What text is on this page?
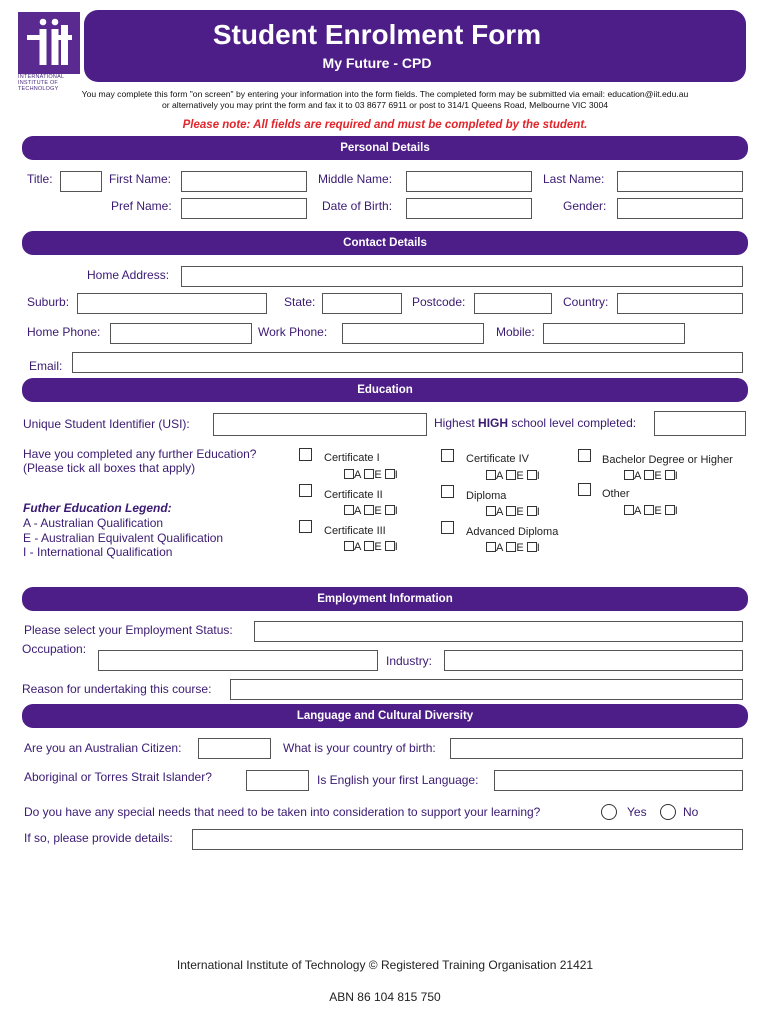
INTERNATIONAL INSTITUTE OF TECHNOLOGY
Student Enrolment Form
My Future - CPD
You may complete this form "on screen" by entering your information into the form fields. The completed form may be submitted via email: education@iit.edu.au
or alternatively you may print the form and fax it to 03 8677 6911 or post to 314/1 Queens Road, Melbourne VIC 3004
Please note: All fields are required and must be completed by the student.
Personal Details
Title:	First Name:	Middle Name:	Last Name:
Pref Name:	Date of Birth:	Gender:
Contact Details
Home Address:
Suburb:	State:	Postcode:	Country:
Home Phone:	Work Phone:	Mobile:
Email:
Education
Unique Student Identifier (USI):	Highest HIGH school level completed:
Have you completed any further Education?
(Please tick all boxes that apply)
Futher Education Legend:
A - Australian Qualification
E - Australian Equivalent Qualification
I - International Qualification
Certificate I
A E I
Certificate II
A E I
Certificate III
A E I
Certificate IV
A E I
Diploma
A E I
Advanced Diploma
A E I
Bachelor Degree or Higher
A E I
Other
A E I
Employment Information
Please select your Employment Status:
Occupation:
Industry:
Reason for undertaking this course:
Language and Cultural Diversity
Are you an Australian Citizen:	What is your country of birth:
Aboriginal or Torres Strait Islander?	Is English your first Language:
Do you have any special needs that need to be taken into consideration to support your learning?	Yes	No
If so, please provide details:
International Institute of Technology © Registered Training Organisation 21421
ABN 86 104 815 750
